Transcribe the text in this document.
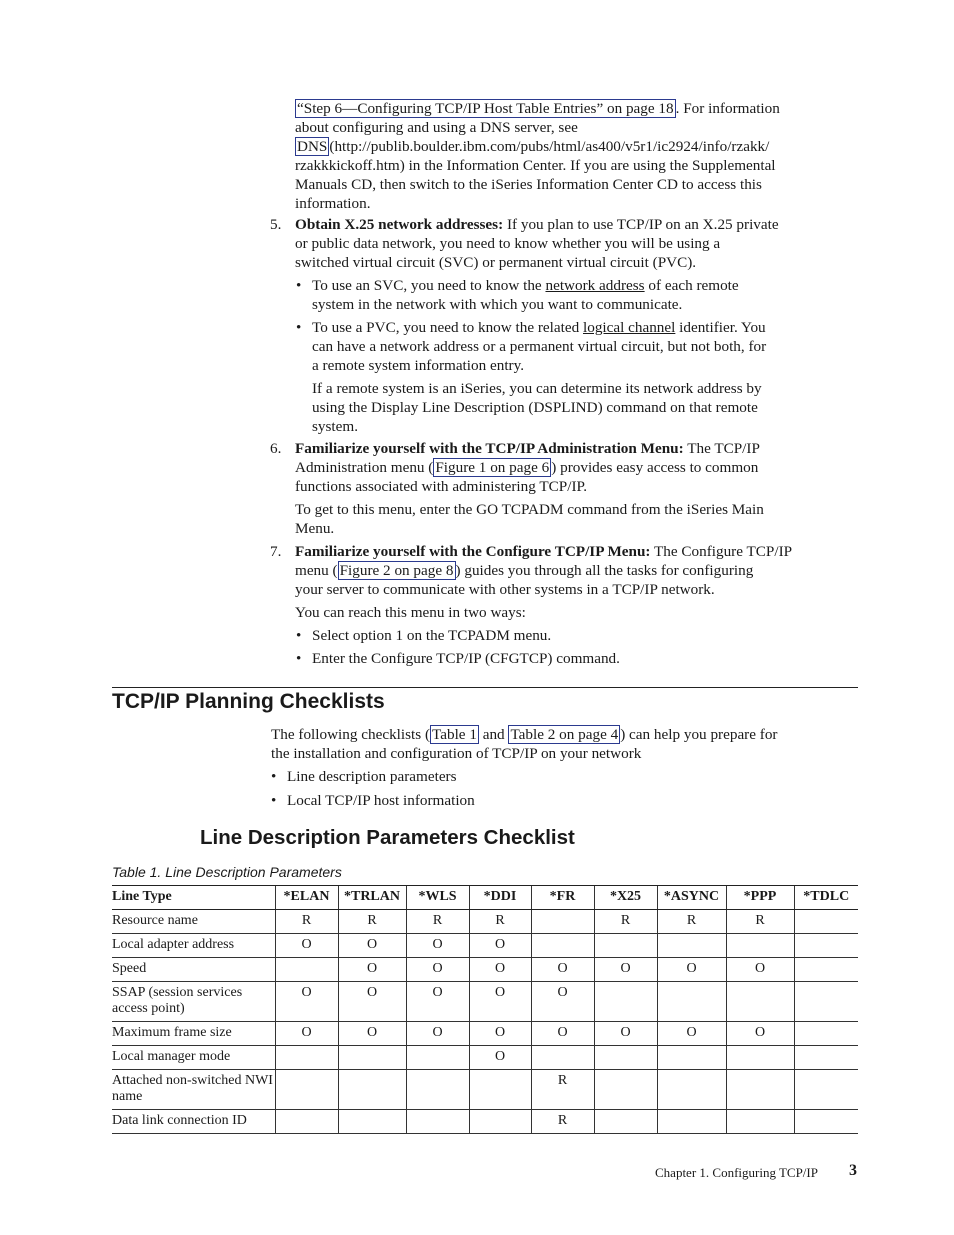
“Step 6—Configuring TCP/IP Host Table Entries” on page 18 . For information
about configuring and using a DNS server, see
DNS (http://publib.boulder.ibm.com/pubs/html/as400/v5r1/ic2924/info/rzakk/
rzakkkickoff.htm) in the Information Center. If you are using the Supplemental
Manuals CD, then switch to the iSeries Information Center CD to access this
information.
5. Obtain X.25 network addresses: If you plan to use TCP/IP on an X.25 private
or public data network, you need to know whether you will be using a
switched virtual circuit (SVC) or permanent virtual circuit (PVC).
• To use an SVC, you need to know the network address of each remote
system in the network with which you want to communicate.
• To use a PVC, you need to know the related logical channel identifier. You
can have a network address or a permanent virtual circuit, but not both, for
a remote system information entry.
If a remote system is an iSeries, you can determine its network address by
using the Display Line Description (DSPLIND) command on that remote
system.
6. Familiarize yourself with the TCP/IP Administration Menu: The TCP/IP
Administration menu ( Figure 1 on page 6 ) provides easy access to common
functions associated with administering TCP/IP.
To get to this menu, enter the GO TCPADM command from the iSeries Main
Menu.
7. Familiarize yourself with the Configure TCP/IP Menu: The Configure TCP/IP
menu ( Figure 2 on page 8 ) guides you through all the tasks for configuring
your server to communicate with other systems in a TCP/IP network.
You can reach this menu in two ways:
• Select option 1 on the TCPADM menu.
• Enter the Configure TCP/IP (CFGTCP) command.
TCP/IP Planning Checklists
The following checklists ( Table 1 and Table 2 on page 4 ) can help you prepare for
the installation and configuration of TCP/IP on your network
• Line description parameters
• Local TCP/IP host information
Line Description Parameters Checklist
Table 1. Line Description Parameters
Line Type	*ELAN	*TRLAN	*WLS	*DDI	*FR	*X25	*ASYNC	*PPP	*TDLC
Resource name	R	R	R	R		R	R	R	
Local adapter address	O	O	O	O					
Speed		O	O	O	O	O	O	O	
SSAP (session services access point)	O	O	O	O	O				
Maximum frame size	O	O	O	O	O	O	O	O	
Local manager mode				O					
Attached non-switched NWI name					R				
Data link connection ID					R				
Chapter 1. Configuring TCP/IP 3
